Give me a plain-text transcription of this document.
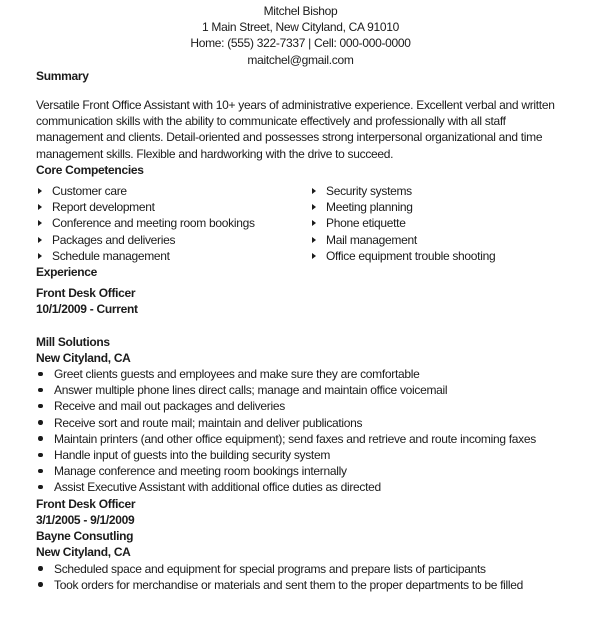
Mitchel Bishop
1 Main Street, New Cityland, CA 91010
Home: (555) 322-7337 | Cell: 000-000-0000
maitchel@gmail.com
Summary

Versatile Front Office Assistant with 10+ years of administrative experience. Excellent verbal and written communication skills with the ability to communicate effectively and professionally with all staff management and clients. Detail-oriented and possesses strong interpersonal organizational and time management skills. Flexible and hardworking with the drive to succeed.

Core Competencies
Customer care
Report development
Conference and meeting room bookings
Packages and deliveries
Schedule management
Security systems
Meeting planning
Phone etiquette
Mail management
Office equipment trouble shooting
Experience
Front Desk Officer
10/1/2009 - Current
Mill Solutions
New Cityland, CA
Greet clients guests and employees and make sure they are comfortable
Answer multiple phone lines direct calls; manage and maintain office voicemail
Receive and mail out packages and deliveries
Receive sort and route mail; maintain and deliver publications
Maintain printers (and other office equipment); send faxes and retrieve and route incoming faxes
Handle input of guests into the building security system
Manage conference and meeting room bookings internally
Assist Executive Assistant with additional office duties as directed
Front Desk Officer
3/1/2005 - 9/1/2009
Bayne Consutling
New Cityland, CA
Scheduled space and equipment for special programs and prepare lists of participants
Took orders for merchandise or materials and sent them to the proper departments to be filled
